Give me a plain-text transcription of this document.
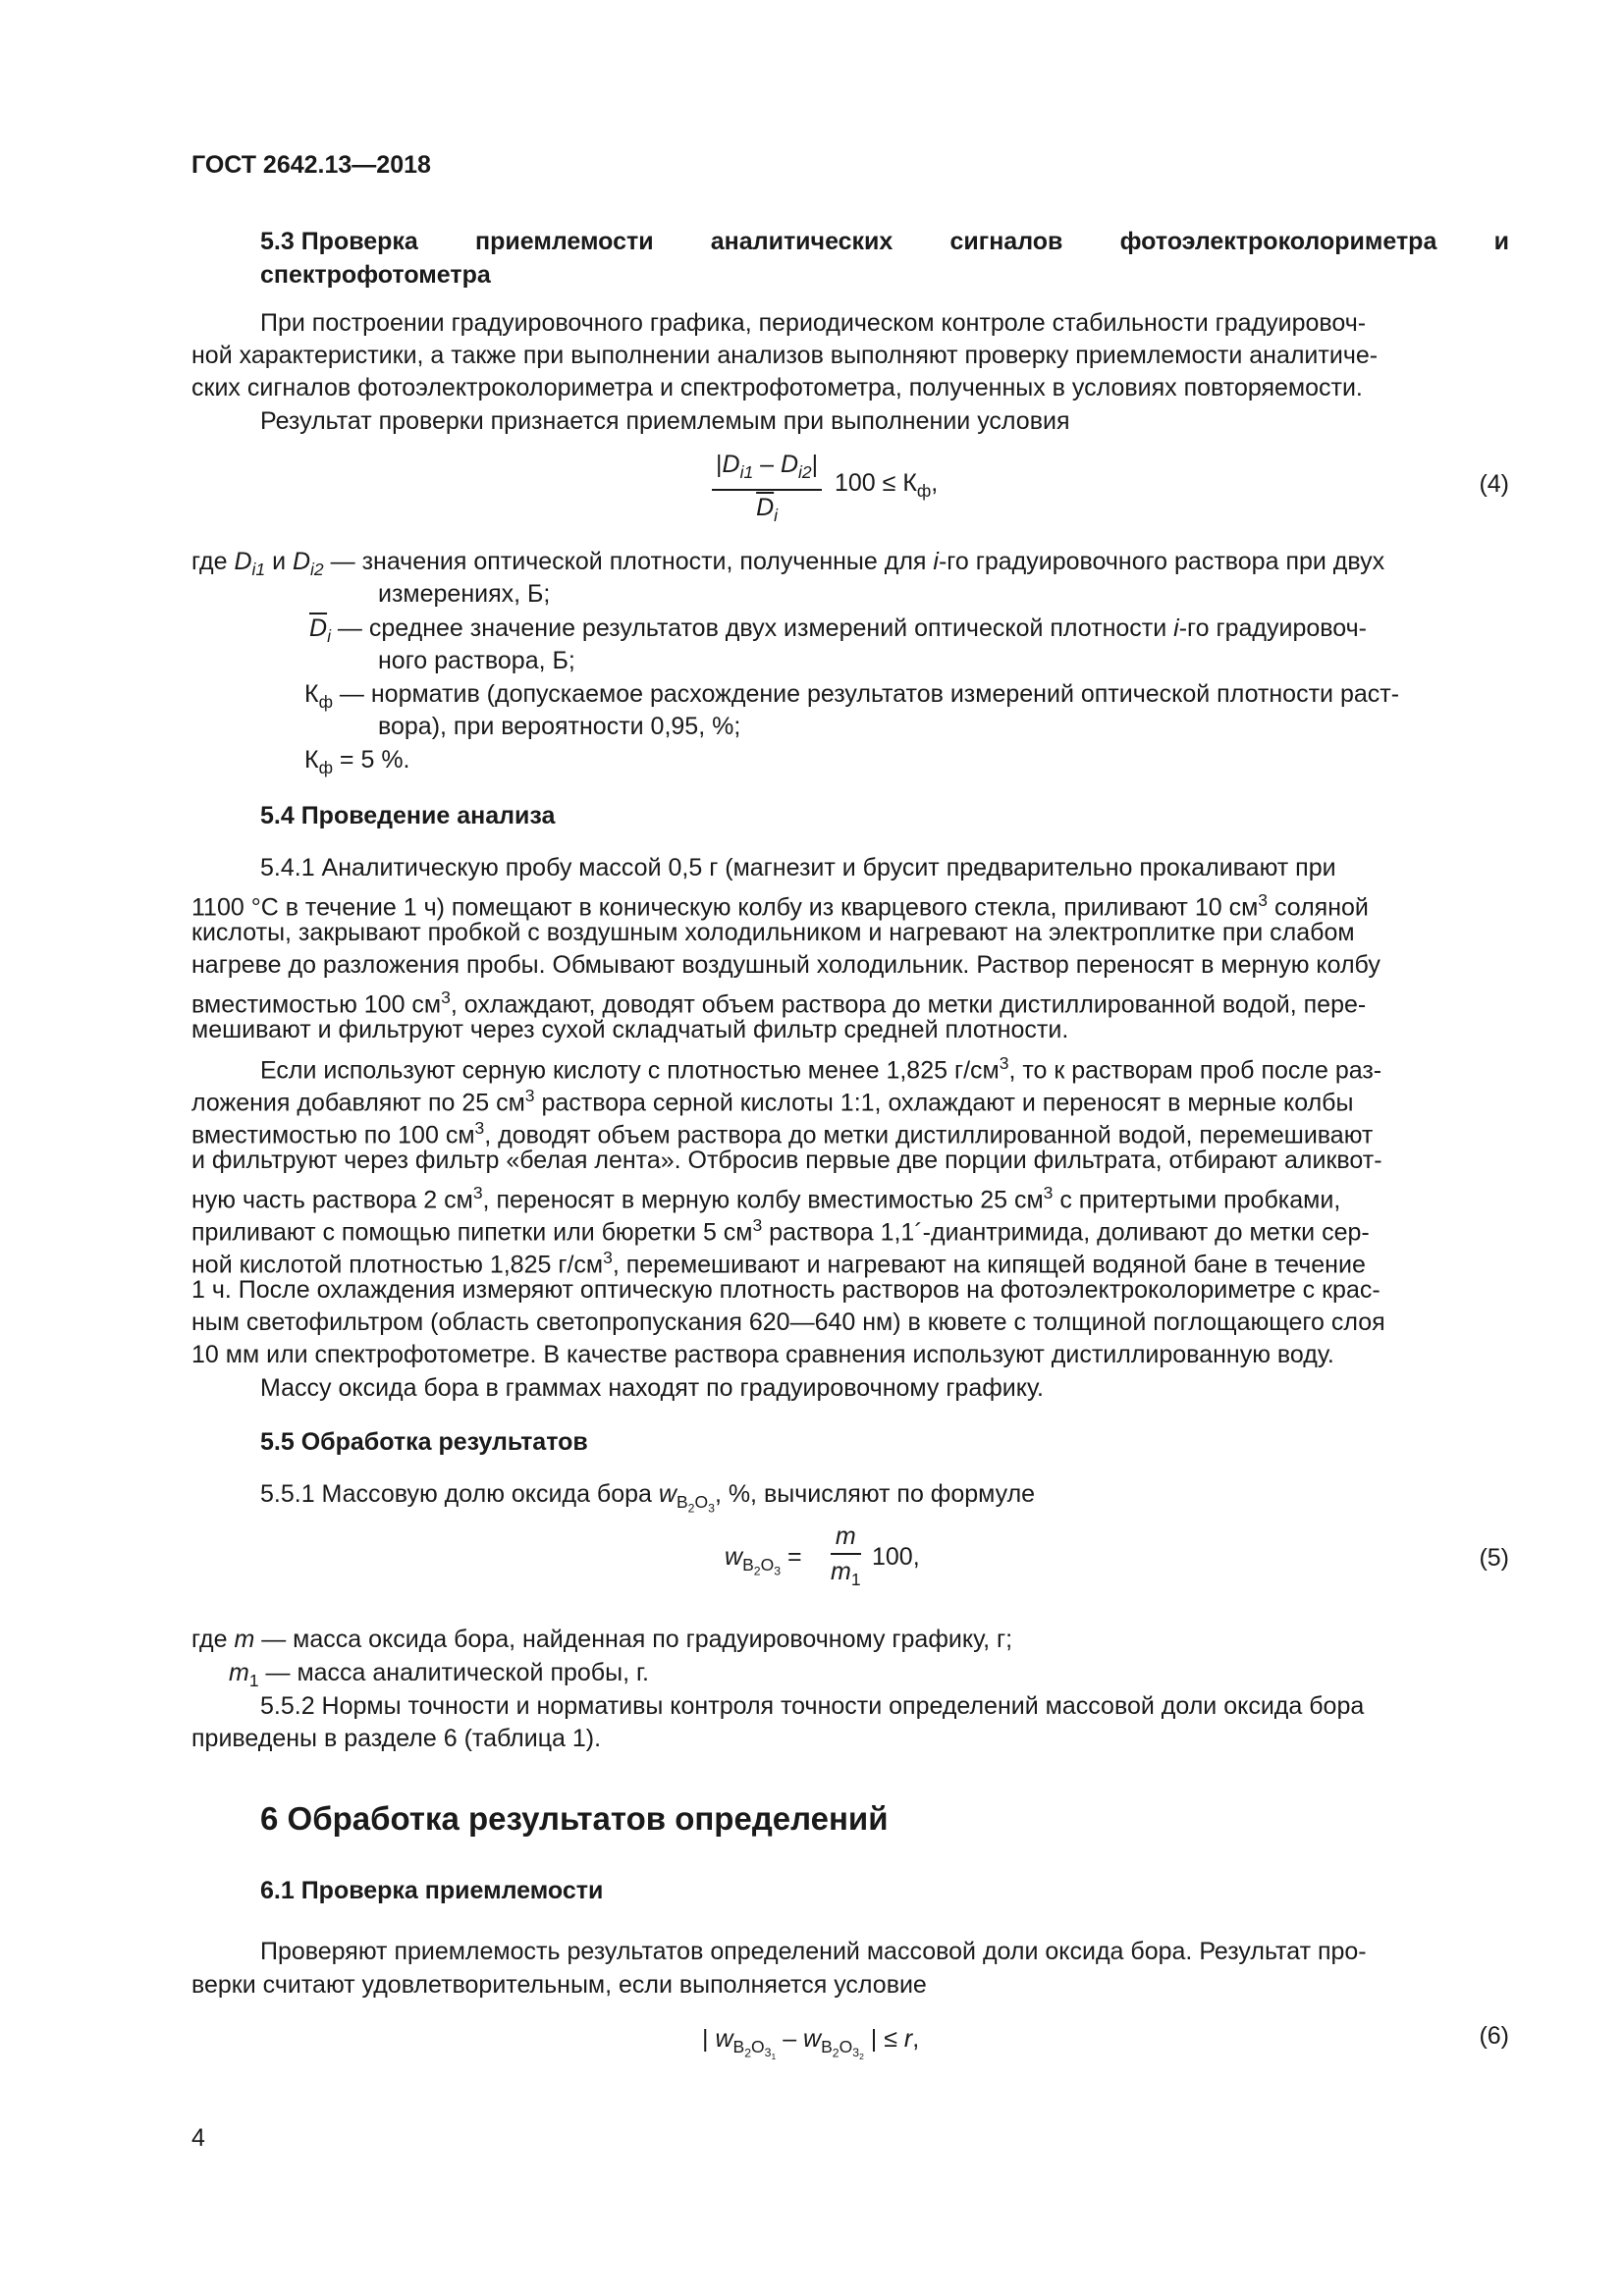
ГОСТ 2642.13—2018
5.3 Проверка приемлемости аналитических сигналов фотоэлектроколориметра и
спектрофотометра
При построении градуировочного графика, периодическом контроле стабильности градуировоч-
ной характеристики, а также при выполнении анализов выполняют проверку приемлемости аналитиче-
ских сигналов фотоэлектроколориметра и спектрофотометра, полученных в условиях повторяемости.
Результат проверки признается приемлемым при выполнении условия
$\frac{|D_{i1} - D_{i2}|}{\overline{D}_i} 100 \le К_ф$,	(4)
где $D_{i1}$ и $D_{i2}$ — значения оптической плотности, полученные для i-го градуировочного раствора при двух
измерениях, Б;
$\overline{D}_i$ — среднее значение результатов двух измерений оптической плотности i-го градуировоч-
ного раствора, Б;
$К_ф$ — норматив (допускаемое расхождение результатов измерений оптической плотности раст-
вора), при вероятности 0,95, %;
$К_ф = 5$ %.
5.4 Проведение анализа
5.4.1 Аналитическую пробу массой 0,5 г (магнезит и брусит предварительно прокаливают при
1100 °С в течение 1 ч) помещают в коническую колбу из кварцевого стекла, приливают 10 $см^3$ соляной
кислоты, закрывают пробкой с воздушным холодильником и нагревают на электроплитке при слабом
нагреве до разложения пробы. Обмывают воздушный холодильник. Раствор переносят в мерную колбу
вместимостью 100 $см^3$, охлаждают, доводят объем раствора до метки дистиллированной водой, пере-
мешивают и фильтруют через сухой складчатый фильтр средней плотности.
Если используют серную кислоту с плотностью менее 1,825 $г/см^3$, то к растворам проб после раз-
ложения добавляют по 25 $см^3$ раствора серной кислоты 1:1, охлаждают и переносят в мерные колбы
вместимостью по 100 $см^3$, доводят объем раствора до метки дистиллированной водой, перемешивают
и фильтруют через фильтр «белая лента». Отбросив первые две порции фильтрата, отбирают аликвот-
ную часть раствора 2 $см^3$, переносят в мерную колбу вместимостью 25 $см^3$ с притертыми пробками,
приливают с помощью пипетки или бюретки 5 $см^3$ раствора 1,1´-диантримида, доливают до метки сер-
ной кислотой плотностью 1,825 $г/см^3$, перемешивают и нагревают на кипящей водяной бане в течение
1 ч. После охлаждения измеряют оптическую плотность растворов на фотоэлектроколориметре с крас-
ным светофильтром (область светопропускания 620—640 нм) в кювете с толщиной поглощающего слоя
10 мм или спектрофотометре. В качестве раствора сравнения используют дистиллированную воду.
Массу оксида бора в граммах находят по градуировочному графику.
5.5 Обработка результатов
5.5.1 Массовую долю оксида бора $w_{B_2O_3}$, %, вычисляют по формуле
$w_{B_2O_3} = \frac{m}{m_1} 100$,	(5)
где m — масса оксида бора, найденная по градуировочному графику, г;
$m_1$ — масса аналитической пробы, г.
5.5.2 Нормы точности и нормативы контроля точности определений массовой доли оксида бора
приведены в разделе 6 (таблица 1).
6 Обработка результатов определений
6.1 Проверка приемлемости
Проверяют приемлемость результатов определений массовой доли оксида бора. Результат про-
верки считают удовлетворительным, если выполняется условие
| $w_{B_2O_{3_1}} - w_{B_2O_{3_2}}$ | ≤ r,	(6)
4
